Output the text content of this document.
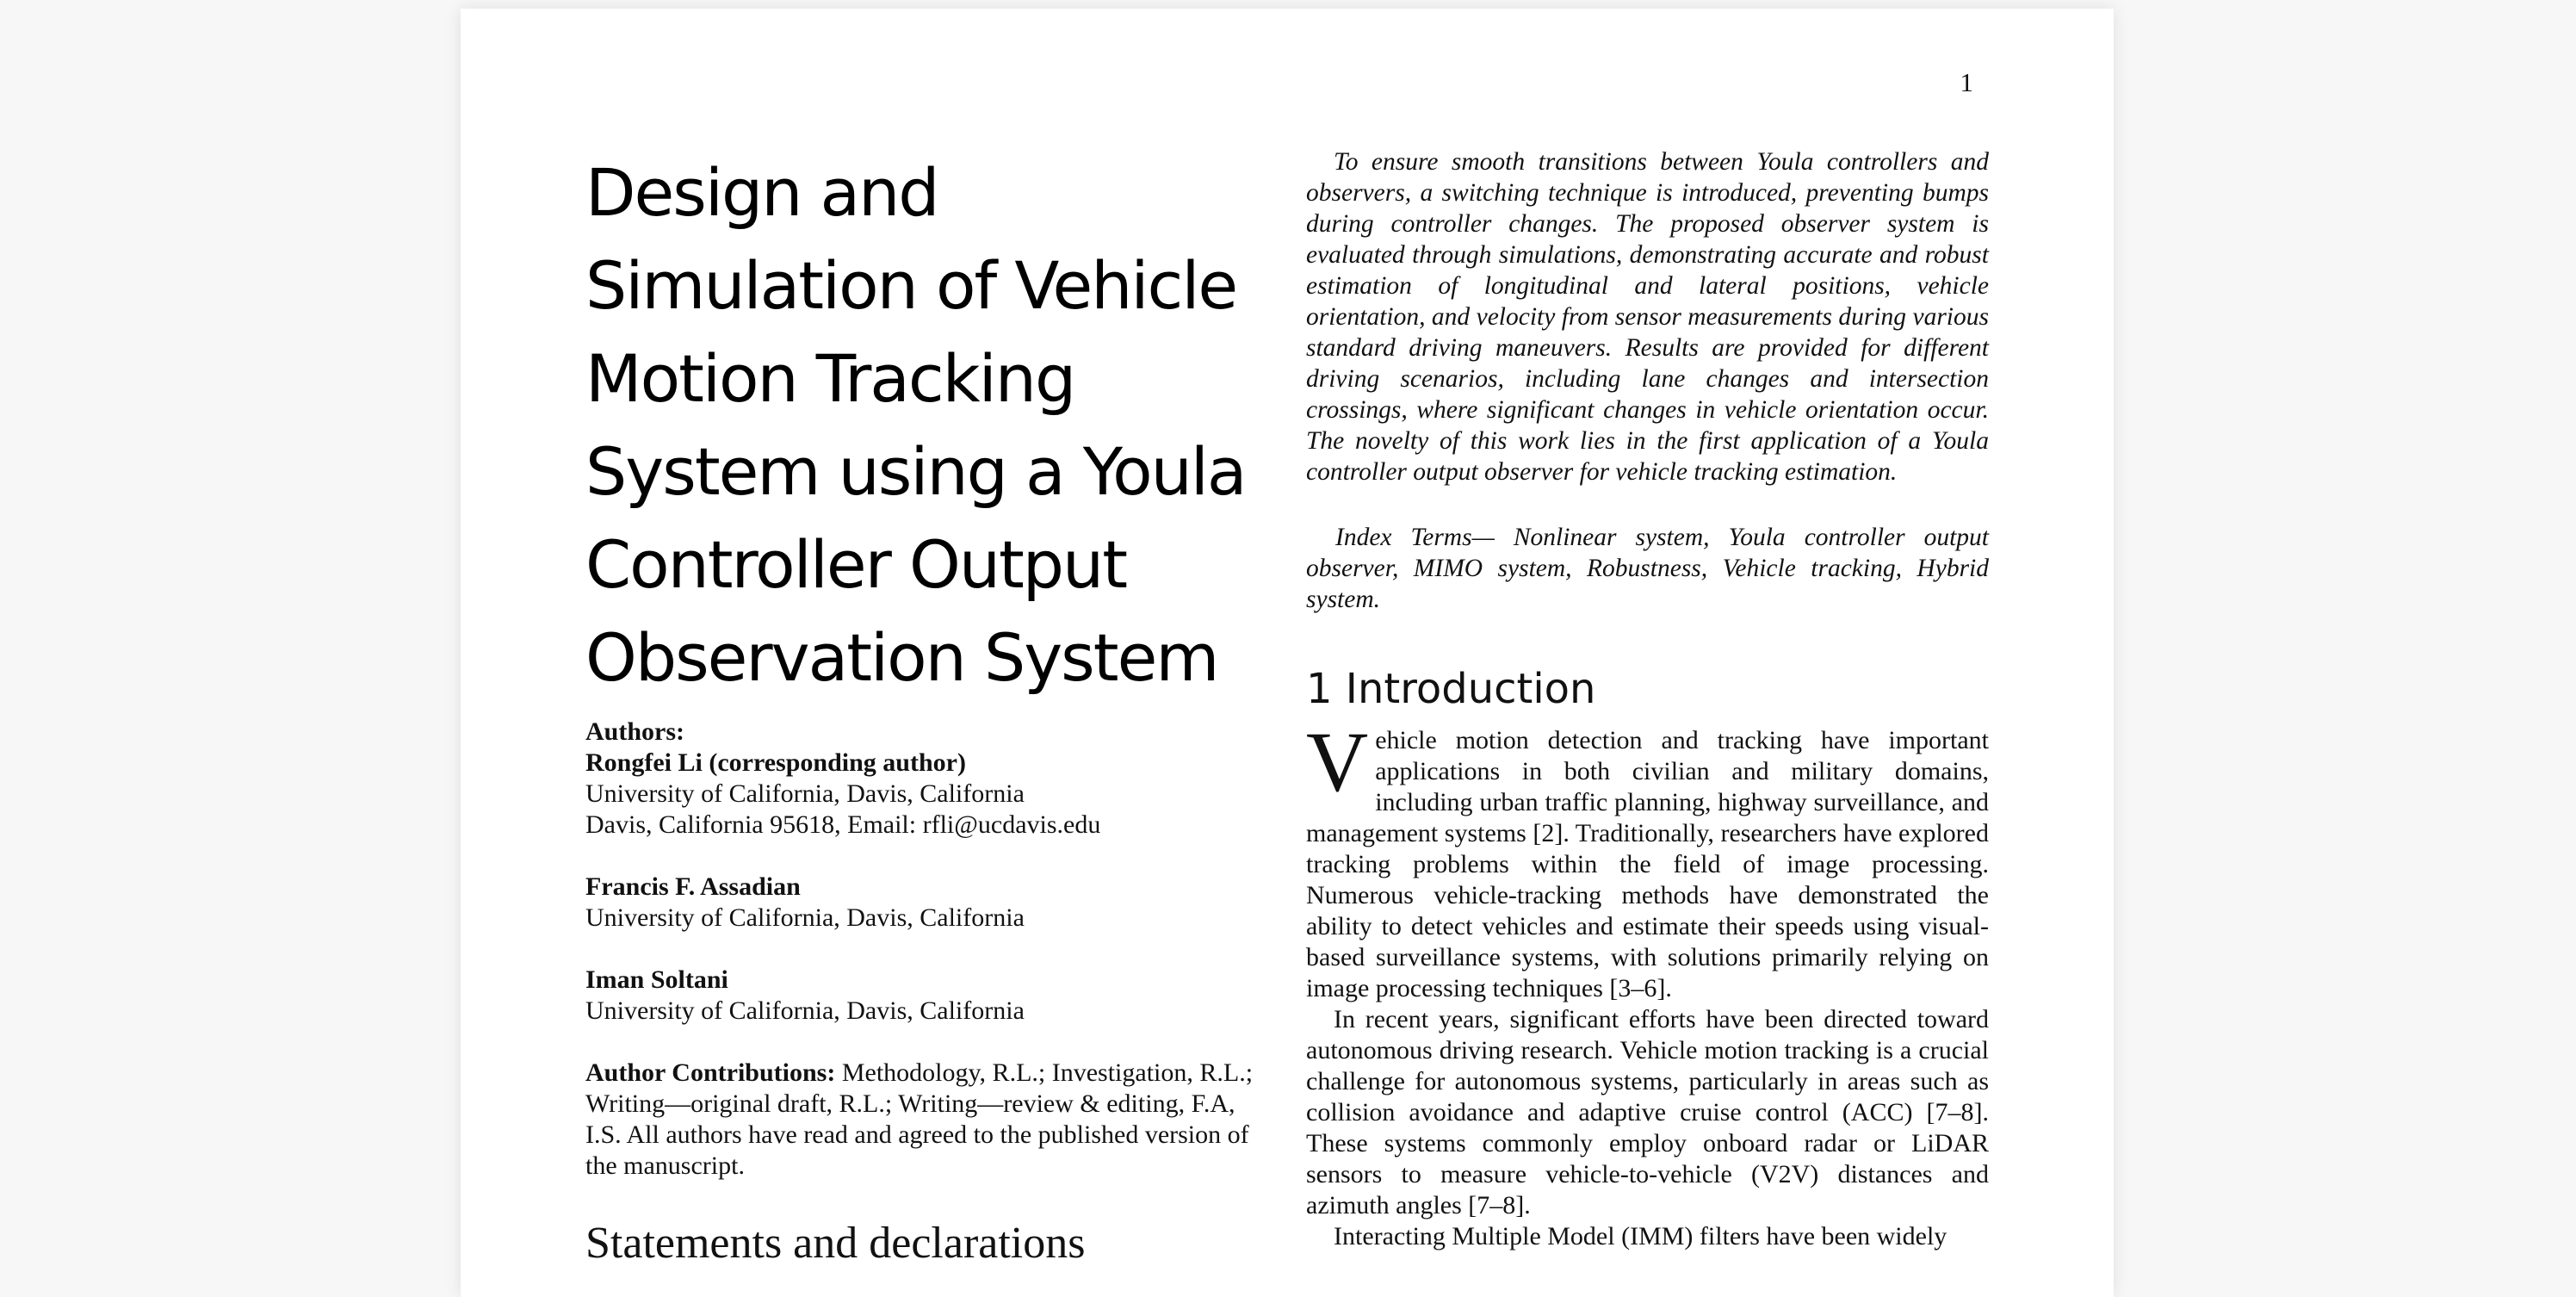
1
Design and Simulation of Vehicle Motion Tracking System using a Youla Controller Output Observation System

Authors:

Rongfei Li (corresponding author)

University of California, Davis, California

Davis, California 95618, Email: rfli@ucdavis.edu

Francis F. Assadian

University of California, Davis, California

Iman Soltani

University of California, Davis, California

Author Contributions: Methodology, R.L.; Investigation, R.L.; Writing—original draft, R.L.; Writing—review & editing, F.A, I.S. All authors have read and agreed to the published version of the manuscript.

Statements and declarations

To ensure smooth transitions between Youla controllers and observers, a switching technique is introduced, preventing bumps during controller changes. The proposed observer system is evaluated through simulations, demonstrating accurate and robust estimation of longitudinal and lateral positions, vehicle orientation, and velocity from sensor measurements during various standard driving maneuvers. Results are provided for different driving scenarios, including lane changes and intersection crossings, where significant changes in vehicle orientation occur. The novelty of this work lies in the first application of a Youla controller output observer for vehicle tracking estimation.

Index Terms— Nonlinear system, Youla controller output observer, MIMO system, Robustness, Vehicle tracking, Hybrid system.

1 Introduction

Vehicle motion detection and tracking have important applications in both civilian and military domains, including urban traffic planning, highway surveillance, and management systems [2]. Traditionally, researchers have explored tracking problems within the field of image processing. Numerous vehicle-tracking methods have demonstrated the ability to detect vehicles and estimate their speeds using visual-based surveillance systems, with solutions primarily relying on image processing techniques [3–6].

In recent years, significant efforts have been directed toward autonomous driving research. Vehicle motion tracking is a crucial challenge for autonomous systems, particularly in areas such as collision avoidance and adaptive cruise control (ACC) [7–8]. These systems commonly employ onboard radar or LiDAR sensors to measure vehicle-to-vehicle (V2V) distances and azimuth angles [7–8].

Interacting Multiple Model (IMM) filters have been widely
